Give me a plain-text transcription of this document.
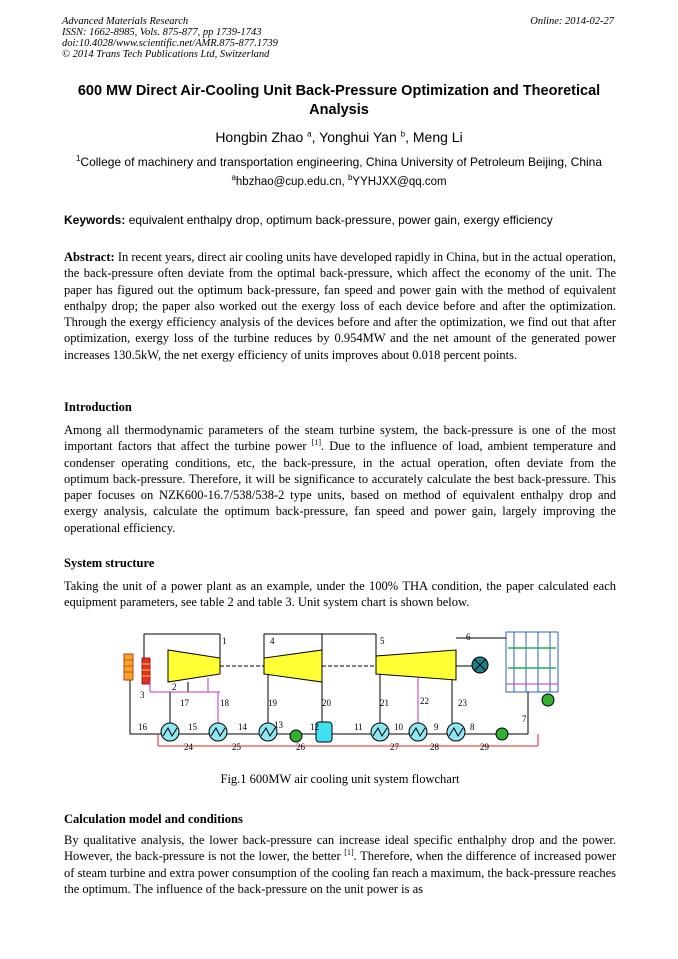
Advanced Materials Research
ISSN: 1662-8985, Vols. 875-877, pp 1739-1743
doi:10.4028/www.scientific.net/AMR.875-877.1739
© 2014 Trans Tech Publications Ltd, Switzerland
Online: 2014-02-27
600 MW Direct Air-Cooling Unit Back-Pressure Optimization and Theoretical Analysis
Hongbin Zhao $^a$, Yonghui Yan $^b$, Meng Li
$^1$College of machinery and transportation engineering, China University of Petroleum Beijing, China
$^a$hbzhao@cup.edu.cn, $^b$YYHJXX@qq.com
Keywords: equivalent enthalpy drop, optimum back-pressure, power gain, exergy efficiency
Abstract: In recent years, direct air cooling units have developed rapidly in China, but in the actual operation, the back-pressure often deviate from the optimal back-pressure, which affect the economy of the unit. The paper has figured out the optimum back-pressure, fan speed and power gain with the method of equivalent enthalpy drop; the paper also worked out the exergy loss of each device before and after the optimization. Through the exergy efficiency analysis of the devices before and after the optimization, we find out that after optimization, exergy loss of the turbine reduces by 0.954MW and the net amount of the generated power increases 130.5kW, the net exergy efficiency of units improves about 0.018 percent points.
Introduction
Among all thermodynamic parameters of the steam turbine system, the back-pressure is one of the most important factors that affect the turbine power [1]. Due to the influence of load, ambient temperature and condenser operating conditions, etc, the back-pressure, in the actual operation, often deviate from the optimum back-pressure. Therefore, it will be significance to accurately calculate the best back-pressure. This paper focuses on NZK600-16.7/538/538-2 type units, based on method of equivalent enthalpy drop and exergy analysis, calculate the optimum back-pressure, fan speed and power gain, largely improving the operational efficiency.
System structure
Taking the unit of a power plant as an example, under the 100% THA condition, the paper calculated each equipment parameters, see table 2 and table 3. Unit system chart is shown below.
1
2
3
4	5	6
7
8
9
10
11
12
13
14
15
16
17	18	19	20	21	22	23
24	25	26	27	28	29
Fig.1 600MW air cooling unit system flowchart
Calculation model and conditions
By qualitative analysis, the lower back-pressure can increase ideal specific enthalphy drop and the power. However, the back-pressure is not the lower, the better [1]. Therefore, when the difference of increased power of steam turbine and extra power consumption of the cooling fan reach a maximum, the back-pressure reaches the optimum. The influence of the back-pressure on the unit power is as
